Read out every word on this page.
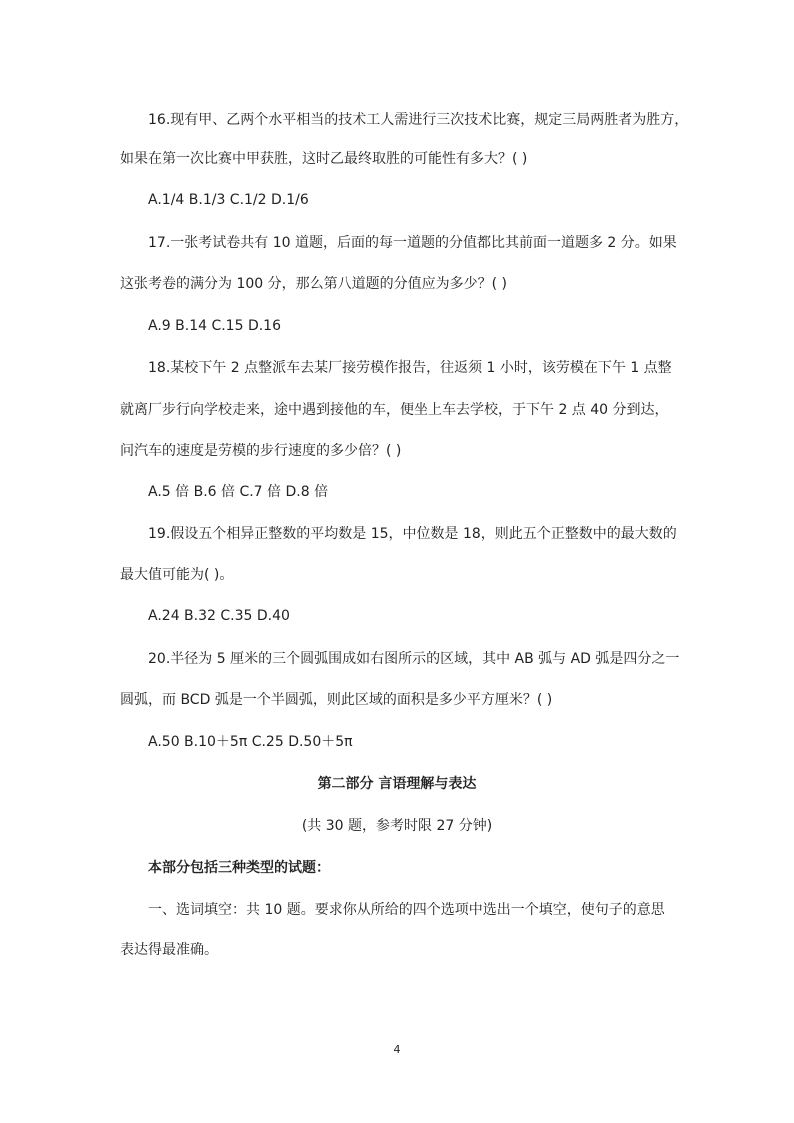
16.现有甲、乙两个水平相当的技术工人需进行三次技术比赛，规定三局两胜者为胜方，
如果在第一次比赛中甲获胜，这时乙最终取胜的可能性有多大？( )
A.1/4 B.1/3 C.1/2 D.1/6
17.一张考试卷共有 10 道题，后面的每一道题的分值都比其前面一道题多 2 分。如果
这张考卷的满分为 100 分，那么第八道题的分值应为多少？( )
A.9 B.14 C.15 D.16
18.某校下午 2 点整派车去某厂接劳模作报告，往返须 1 小时，该劳模在下午 1 点整
就离厂步行向学校走来，途中遇到接他的车，便坐上车去学校，于下午 2 点 40 分到达，
问汽车的速度是劳模的步行速度的多少倍？( )
A.5 倍 B.6 倍 C.7 倍 D.8 倍
19.假设五个相异正整数的平均数是 15，中位数是 18，则此五个正整数中的最大数的
最大值可能为( )。
A.24 B.32 C.35 D.40
20.半径为 5 厘米的三个圆弧围成如右图所示的区域，其中 AB 弧与 AD 弧是四分之一
圆弧，而 BCD 弧是一个半圆弧，则此区域的面积是多少平方厘米？( )
A.50 B.10＋5π C.25 D.50＋5π
第二部分 言语理解与表达
(共 30 题，参考时限 27 分钟)
本部分包括三种类型的试题：
一、选词填空：共 10 题。要求你从所给的四个选项中选出一个填空，使句子的意思
表达得最准确。
4
